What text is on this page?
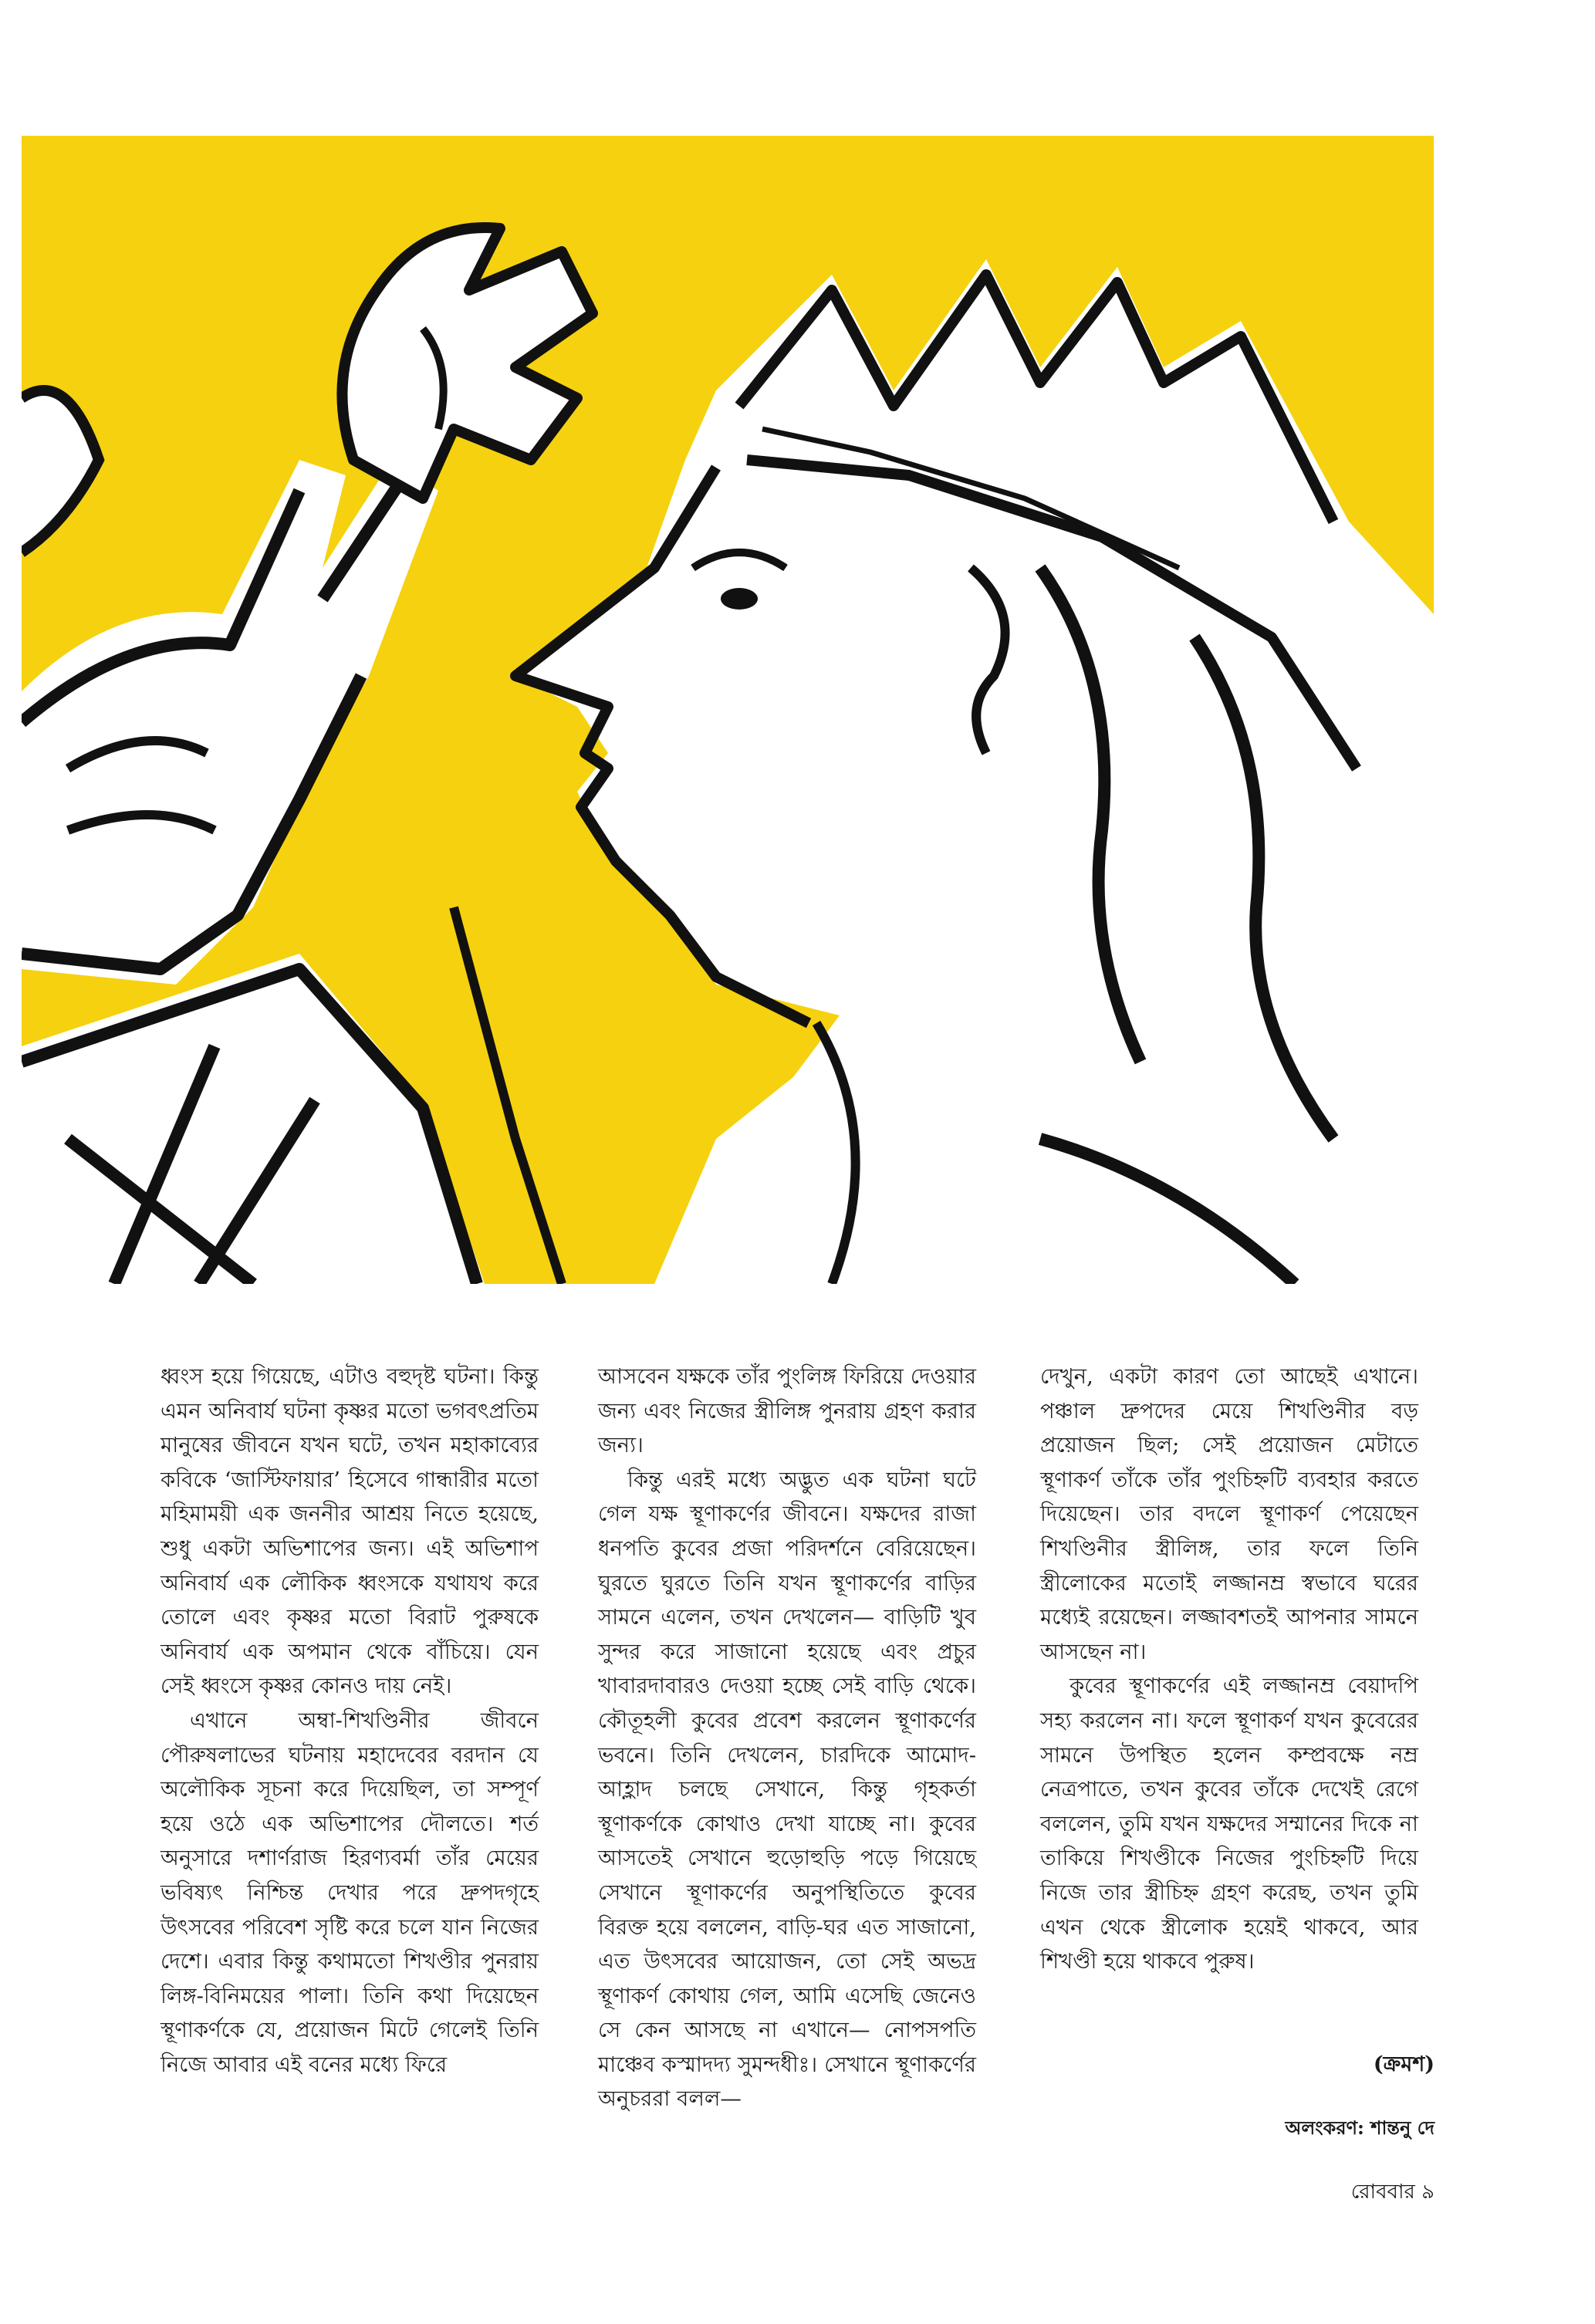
ধ্বংস হয়ে গিয়েছে, এটাও বহুদৃষ্ট ঘটনা। কিন্তু এমন অনিবার্য ঘটনা কৃষ্ণর মতো ভগবৎপ্রতিম মানুষের জীবনে যখন ঘটে, তখন মহাকাব্যের কবিকে ‘জাস্টিফায়ার’ হিসেবে গান্ধারীর মতো মহিমাময়ী এক জননীর আশ্রয় নিতে হয়েছে, শুধু একটা অভিশাপের জন্য। এই অভিশাপ অনিবার্য এক লৌকিক ধ্বংসকে যথাযথ করে তোলে এবং কৃষ্ণর মতো বিরাট পুরুষকে অনিবার্য এক অপমান থেকে বাঁচিয়ে। যেন সেই ধ্বংসে কৃষ্ণর কোনও দায় নেই।

এখানে অম্বা-শিখণ্ডিনীর জীবনে পৌরুষলাভের ঘটনায় মহাদেবের বরদান যে অলৌকিক সূচনা করে দিয়েছিল, তা সম্পূর্ণ হয়ে ওঠে এক অভিশাপের দৌলতে। শর্ত অনুসারে দশার্ণরাজ হিরণ্যবর্মা তাঁর মেয়ের ভবিষ্যৎ নিশ্চিন্ত দেখার পরে দ্রুপদগৃহে উৎসবের পরিবেশ সৃষ্টি করে চলে যান নিজের দেশে। এবার কিন্তু কথামতো শিখণ্ডীর পুনরায় লিঙ্গ-বিনিময়ের পালা। তিনি কথা দিয়েছেন স্থূণাকর্ণকে যে, প্রয়োজন মিটে গেলেই তিনি নিজে আবার এই বনের মধ্যে ফিরে

আসবেন যক্ষকে তাঁর পুংলিঙ্গ ফিরিয়ে দেওয়ার জন্য এবং নিজের স্ত্রীলিঙ্গ পুনরায় গ্রহণ করার জন্য।

কিন্তু এরই মধ্যে অদ্ভুত এক ঘটনা ঘটে গেল যক্ষ স্থূণাকর্ণের জীবনে। যক্ষদের রাজা ধনপতি কুবের প্রজা পরিদর্শনে বেরিয়েছেন। ঘুরতে ঘুরতে তিনি যখন স্থূণাকর্ণের বাড়ির সামনে এলেন, তখন দেখলেন— বাড়িটি খুব সুন্দর করে সাজানো হয়েছে এবং প্রচুর খাবারদাবারও দেওয়া হচ্ছে সেই বাড়ি থেকে। কৌতূহলী কুবের প্রবেশ করলেন স্থূণাকর্ণের ভবনে। তিনি দেখলেন, চারদিকে আমোদ-আহ্লাদ চলছে সেখানে, কিন্তু গৃহকর্তা স্থূণাকর্ণকে কোথাও দেখা যাচ্ছে না। কুবের আসতেই সেখানে হুড়োহুড়ি পড়ে গিয়েছে সেখানে স্থূণাকর্ণের অনুপস্থিতিতে কুবের বিরক্ত হয়ে বললেন, বাড়ি-ঘর এত সাজানো, এত উৎসবের আয়োজন, তো সেই অভদ্র স্থূণাকর্ণ কোথায় গেল, আমি এসেছি জেনেও সে কেন আসছে না এখানে— নোপসপতি মাঞ্চেব কস্মাদদ্য সুমন্দধীঃ। সেখানে স্থূণাকর্ণের অনুচররা বলল—

দেখুন, একটা কারণ তো আছেই এখানে। পঞ্চাল দ্রুপদের মেয়ে শিখণ্ডিনীর বড় প্রয়োজন ছিল; সেই প্রয়োজন মেটাতে স্থূণাকর্ণ তাঁকে তাঁর পুংচিহ্নটি ব্যবহার করতে দিয়েছেন। তার বদলে স্থূণাকর্ণ পেয়েছেন শিখণ্ডিনীর স্ত্রীলিঙ্গ, তার ফলে তিনি স্ত্রীলোকের মতোই লজ্জানম্র স্বভাবে ঘরের মধ্যেই রয়েছেন। লজ্জাবশতই আপনার সামনে আসছেন না।

কুবের স্থূণাকর্ণের এই লজ্জানম্র বেয়াদপি সহ্য করলেন না। ফলে স্থূণাকর্ণ যখন কুবেরের সামনে উপস্থিত হলেন কম্প্রবক্ষে নম্র নেত্রপাতে, তখন কুবের তাঁকে দেখেই রেগে বললেন, তুমি যখন যক্ষদের সম্মানের দিকে না তাকিয়ে শিখণ্ডীকে নিজের পুংচিহ্নটি দিয়ে নিজে তার স্ত্রীচিহ্ন গ্রহণ করেছ, তখন তুমি এখন থেকে স্ত্রীলোক হয়েই থাকবে, আর শিখণ্ডী হয়ে থাকবে পুরুষ।

(ক্রমশ)
অলংকরণ: শান্তনু দে
রোববার ৯
